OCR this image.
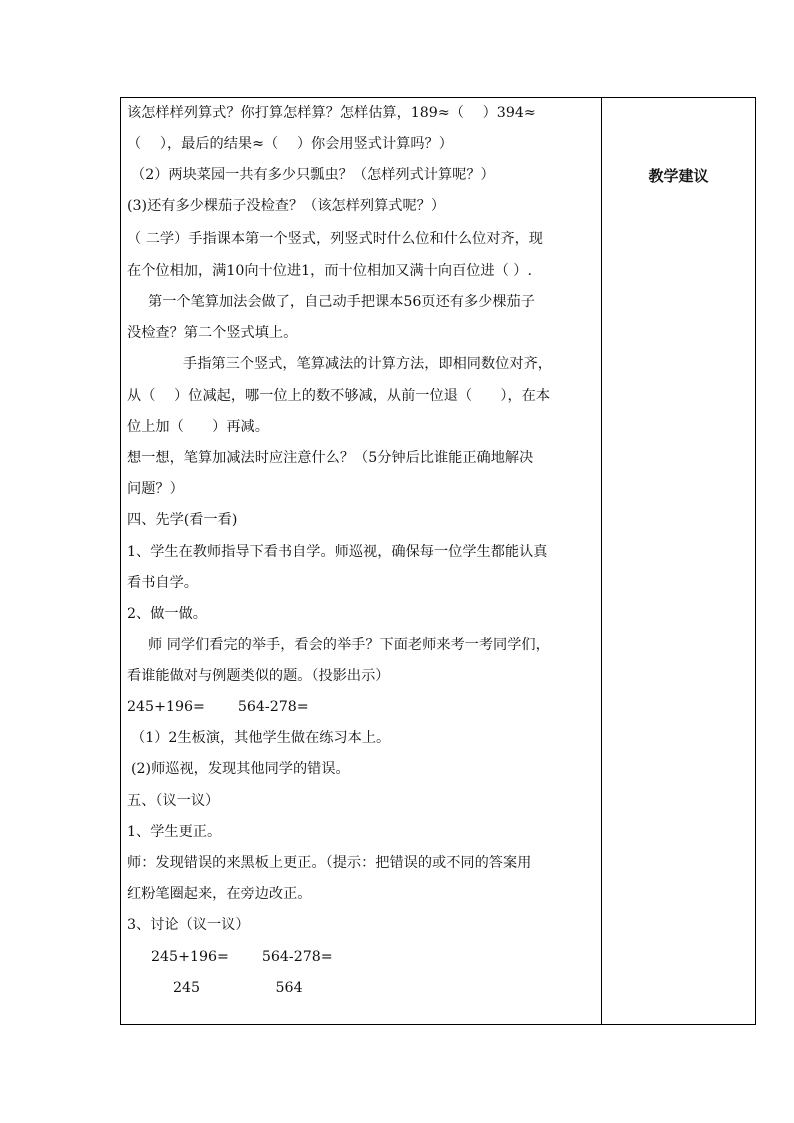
该怎样样列算式？你打算怎样算？怎样估算，189≈（　 ）394≈
（　 ），最后的结果≈（　 ）你会用竖式计算吗？）
（2）两块菜园一共有多少只瓢虫？（怎样列式计算呢？）
(3)还有多少棵茄子没检查？（该怎样列算式呢？）
（ 二学）手指课本第一个竖式，列竖式时什么位和什么位对齐，现
在个位相加，满10向十位进1，而十位相加又满十向百位进（ ）.
第一个笔算加法会做了，自己动手把课本56页还有多少棵茄子
没检查？第二个竖式填上。
手指第三个竖式，笔算减法的计算方法，即相同数位对齐，
从（　 ）位减起，哪一位上的数不够减，从前一位退（　　），在本
位上加（　　）再减。
想一想，笔算加减法时应注意什么？（5分钟后比谁能正确地解决
问题？）
四、先学(看一看)
1、学生在教师指导下看书自学。师巡视，确保每一位学生都能认真
看书自学。
2、做一做。
师 同学们看完的举手，看会的举手？下面老师来考一考同学们，
看谁能做对与例题类似的题。（投影出示）
245+196=　　 564-278=
（1）2生板演，其他学生做在练习本上。
(2)师巡视，发现其他同学的错误。
五、（议一议）
1、学生更正。
师：发现错误的来黑板上更正。（提示：把错误的或不同的答案用
红粉笔圈起来，在旁边改正。
3、讨论（议一议）
245+196=　　 564-278=
245　　　　　 564
教学建议
